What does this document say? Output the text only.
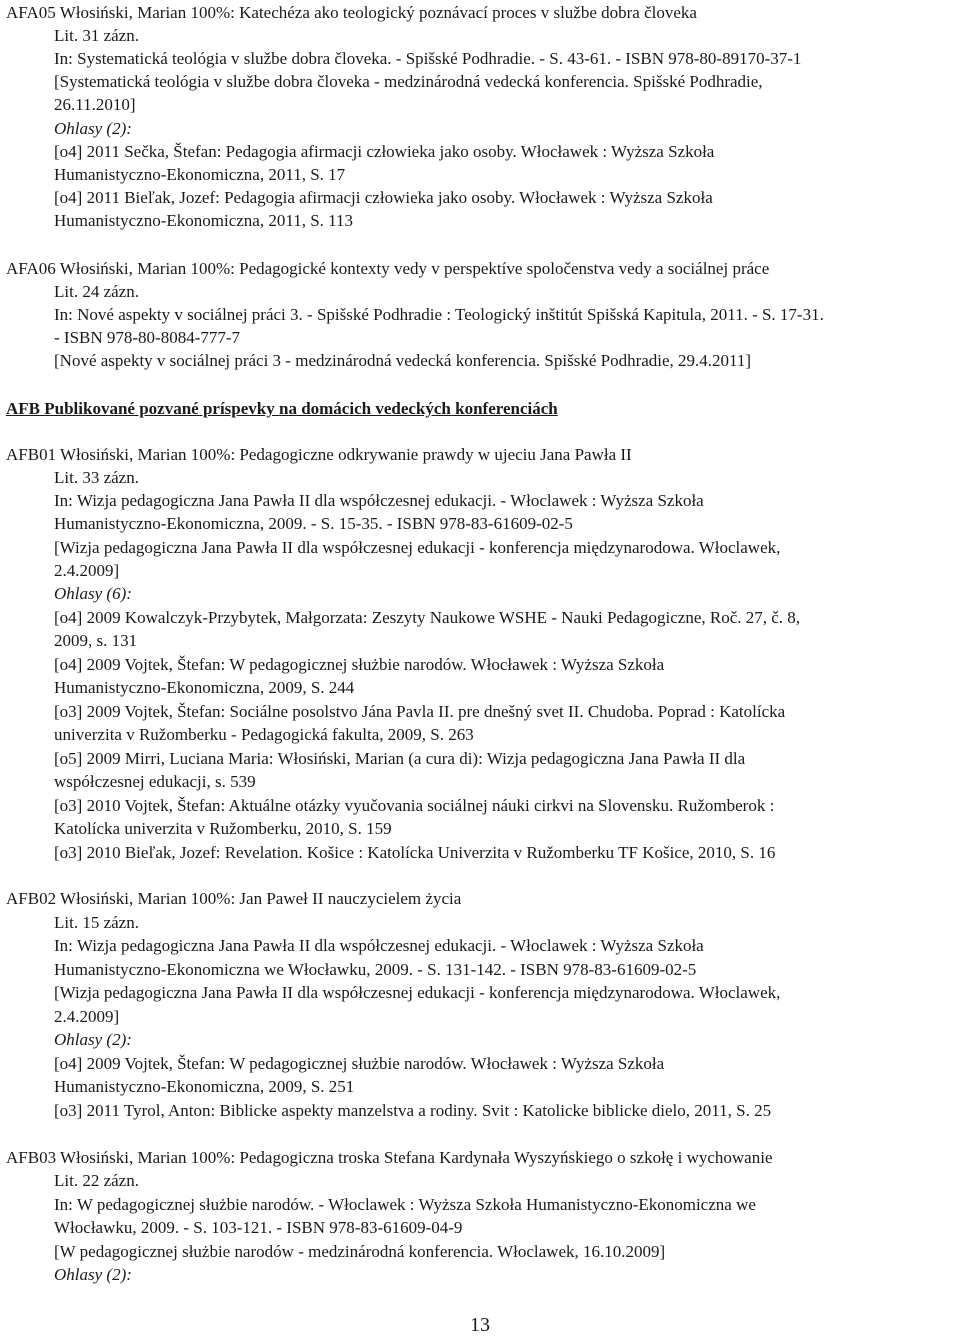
AFA05 Włosiński, Marian 100%: Katechéza ako teologický poznávací proces v službe dobra človeka
Lit. 31 zázn.
In: Systematická teológia v službe dobra človeka. - Spišské Podhradie. - S. 43-61. - ISBN 978-80-89170-37-1
[Systematická teológia v službe dobra človeka - medzinárodná vedecká konferencia. Spišské Podhradie,
26.11.2010]
Ohlasy (2):
[o4] 2011 Sečka, Štefan: Pedagogia afirmacji człowieka jako osoby. Włocławek : Wyższa Szkoła
Humanistyczno-Ekonomiczna, 2011, S. 17
[o4] 2011 Bieľak, Jozef: Pedagogia afirmacji człowieka jako osoby. Włocławek : Wyższa Szkoła
Humanistyczno-Ekonomiczna, 2011, S. 113
AFA06 Włosiński, Marian 100%: Pedagogické kontexty vedy v perspektíve spoločenstva vedy a sociálnej práce
Lit. 24 zázn.
In: Nové aspekty v sociálnej práci 3. - Spišské Podhradie : Teologický inštitút Spišská Kapitula, 2011. - S. 17-31.
- ISBN 978-80-8084-777-7
[Nové aspekty v sociálnej práci 3 - medzinárodná vedecká konferencia. Spišské Podhradie, 29.4.2011]
AFB Publikované pozvané príspevky na domácich vedeckých konferenciách
AFB01 Włosiński, Marian 100%: Pedagogiczne odkrywanie prawdy w ujeciu Jana Pawła II
Lit. 33 zázn.
In: Wizja pedagogiczna Jana Pawła II dla współczesnej edukacji. - Włoclawek : Wyższa Szkoła
Humanistyczno-Ekonomiczna, 2009. - S. 15-35. - ISBN 978-83-61609-02-5
[Wizja pedagogiczna Jana Pawła II dla współczesnej edukacji - konferencja międzynarodowa. Włoclawek,
2.4.2009]
Ohlasy (6):
[o4] 2009 Kowalczyk-Przybytek, Małgorzata: Zeszyty Naukowe WSHE - Nauki Pedagogiczne, Roč. 27, č. 8,
2009, s. 131
[o4] 2009 Vojtek, Štefan: W pedagogicznej służbie narodów. Włocławek : Wyższa Szkoła
Humanistyczno-Ekonomiczna, 2009, S. 244
[o3] 2009 Vojtek, Štefan: Sociálne posolstvo Jána Pavla II. pre dnešný svet II. Chudoba. Poprad : Katolícka
univerzita v Ružomberku - Pedagogická fakulta, 2009, S. 263
[o5] 2009 Mirri, Luciana Maria: Włosiński, Marian (a cura di): Wizja pedagogiczna Jana Pawła II dla
współczesnej edukacji, s. 539
[o3] 2010 Vojtek, Štefan: Aktuálne otázky vyučovania sociálnej náuki cirkvi na Slovensku. Ružomberok :
Katolícka univerzita v Ružomberku, 2010, S. 159
[o3] 2010 Bieľak, Jozef: Revelation. Košice : Katolícka Univerzita v Ružomberku TF Košice, 2010, S. 16
AFB02 Włosiński, Marian 100%: Jan Paweł II nauczycielem życia
Lit. 15 zázn.
In: Wizja pedagogiczna Jana Pawła II dla współczesnej edukacji. - Włoclawek : Wyższa Szkoła
Humanistyczno-Ekonomiczna we Włocławku, 2009. - S. 131-142. - ISBN 978-83-61609-02-5
[Wizja pedagogiczna Jana Pawła II dla współczesnej edukacji - konferencja międzynarodowa. Włoclawek,
2.4.2009]
Ohlasy (2):
[o4] 2009 Vojtek, Štefan: W pedagogicznej służbie narodów. Włocławek : Wyższa Szkoła
Humanistyczno-Ekonomiczna, 2009, S. 251
[o3] 2011 Tyrol, Anton: Biblicke aspekty manzelstva a rodiny. Svit : Katolicke biblicke dielo, 2011, S. 25
AFB03 Włosiński, Marian 100%: Pedagogiczna troska Stefana Kardynała Wyszyńskiego o szkołę i wychowanie
Lit. 22 zázn.
In: W pedagogicznej służbie narodów. - Włoclawek : Wyższa Szkoła Humanistyczno-Ekonomiczna we
Włocławku, 2009. - S. 103-121. - ISBN 978-83-61609-04-9
[W pedagogicznej służbie narodów - medzinárodná konferencia. Włoclawek, 16.10.2009]
Ohlasy (2):
13
